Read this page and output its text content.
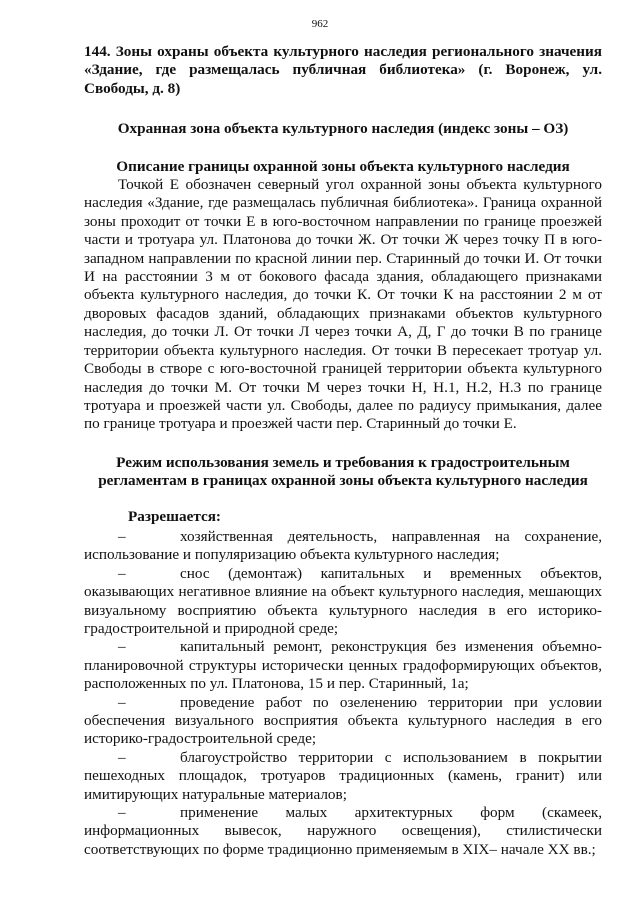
962

144. Зоны охраны объекта культурного наследия регионального значения «Здание, где размещалась публичная библиотека» (г. Воронеж, ул. Свободы, д. 8)

Охранная зона объекта культурного наследия (индекс зоны – ОЗ)

Описание границы охранной зоны объекта культурного наследия

Точкой Е обозначен северный угол охранной зоны объекта культурного наследия «Здание, где размещалась публичная библиотека». Граница охранной зоны проходит от точки Е в юго-восточном направлении по границе проезжей части и тротуара ул. Платонова до точки Ж. От точки Ж через точку П в юго-западном направлении по красной линии пер. Старинный до точки И. От точки И на расстоянии 3 м от бокового фасада здания, обладающего признаками объекта культурного наследия, до точки К. От точки К на расстоянии 2 м от дворовых фасадов зданий, обладающих признаками объектов культурного наследия, до точки Л. От точки Л через точки А, Д, Г до точки В по границе территории объекта культурного наследия. От точки В пересекает тротуар ул. Свободы в створе с юго-восточной границей территории объекта культурного наследия до точки М. От точки М через точки Н, Н.1, Н.2, Н.3 по границе тротуара и проезжей части ул. Свободы, далее по радиусу примыкания, далее по границе тротуара и проезжей части пер. Старинный до точки Е.

Режим использования земель и требования к градостроительным регламентам в границах охранной зоны объекта культурного наследия

Разрешается:

–	хозяйственная деятельность, направленная на сохранение, использование и популяризацию объекта культурного наследия;

–	снос (демонтаж) капитальных и временных объектов, оказывающих негативное влияние на объект культурного наследия, мешающих визуальному восприятию объекта культурного наследия в его историко-градостроительной и природной среде;

–	капитальный ремонт, реконструкция без изменения объемно-планировочной структуры исторически ценных градоформирующих объектов, расположенных по ул. Платонова, 15 и пер. Старинный, 1а;

–	проведение работ по озеленению территории при условии обеспечения визуального восприятия объекта культурного наследия в его историко-градостроительной среде;

–	благоустройство территории с использованием в покрытии пешеходных площадок, тротуаров традиционных (камень, гранит) или имитирующих натуральные материалов;

–	применение малых архитектурных форм (скамеек, информационных вывесок, наружного освещения), стилистически соответствующих по форме традиционно применяемым в XIX– начале XX вв.;
